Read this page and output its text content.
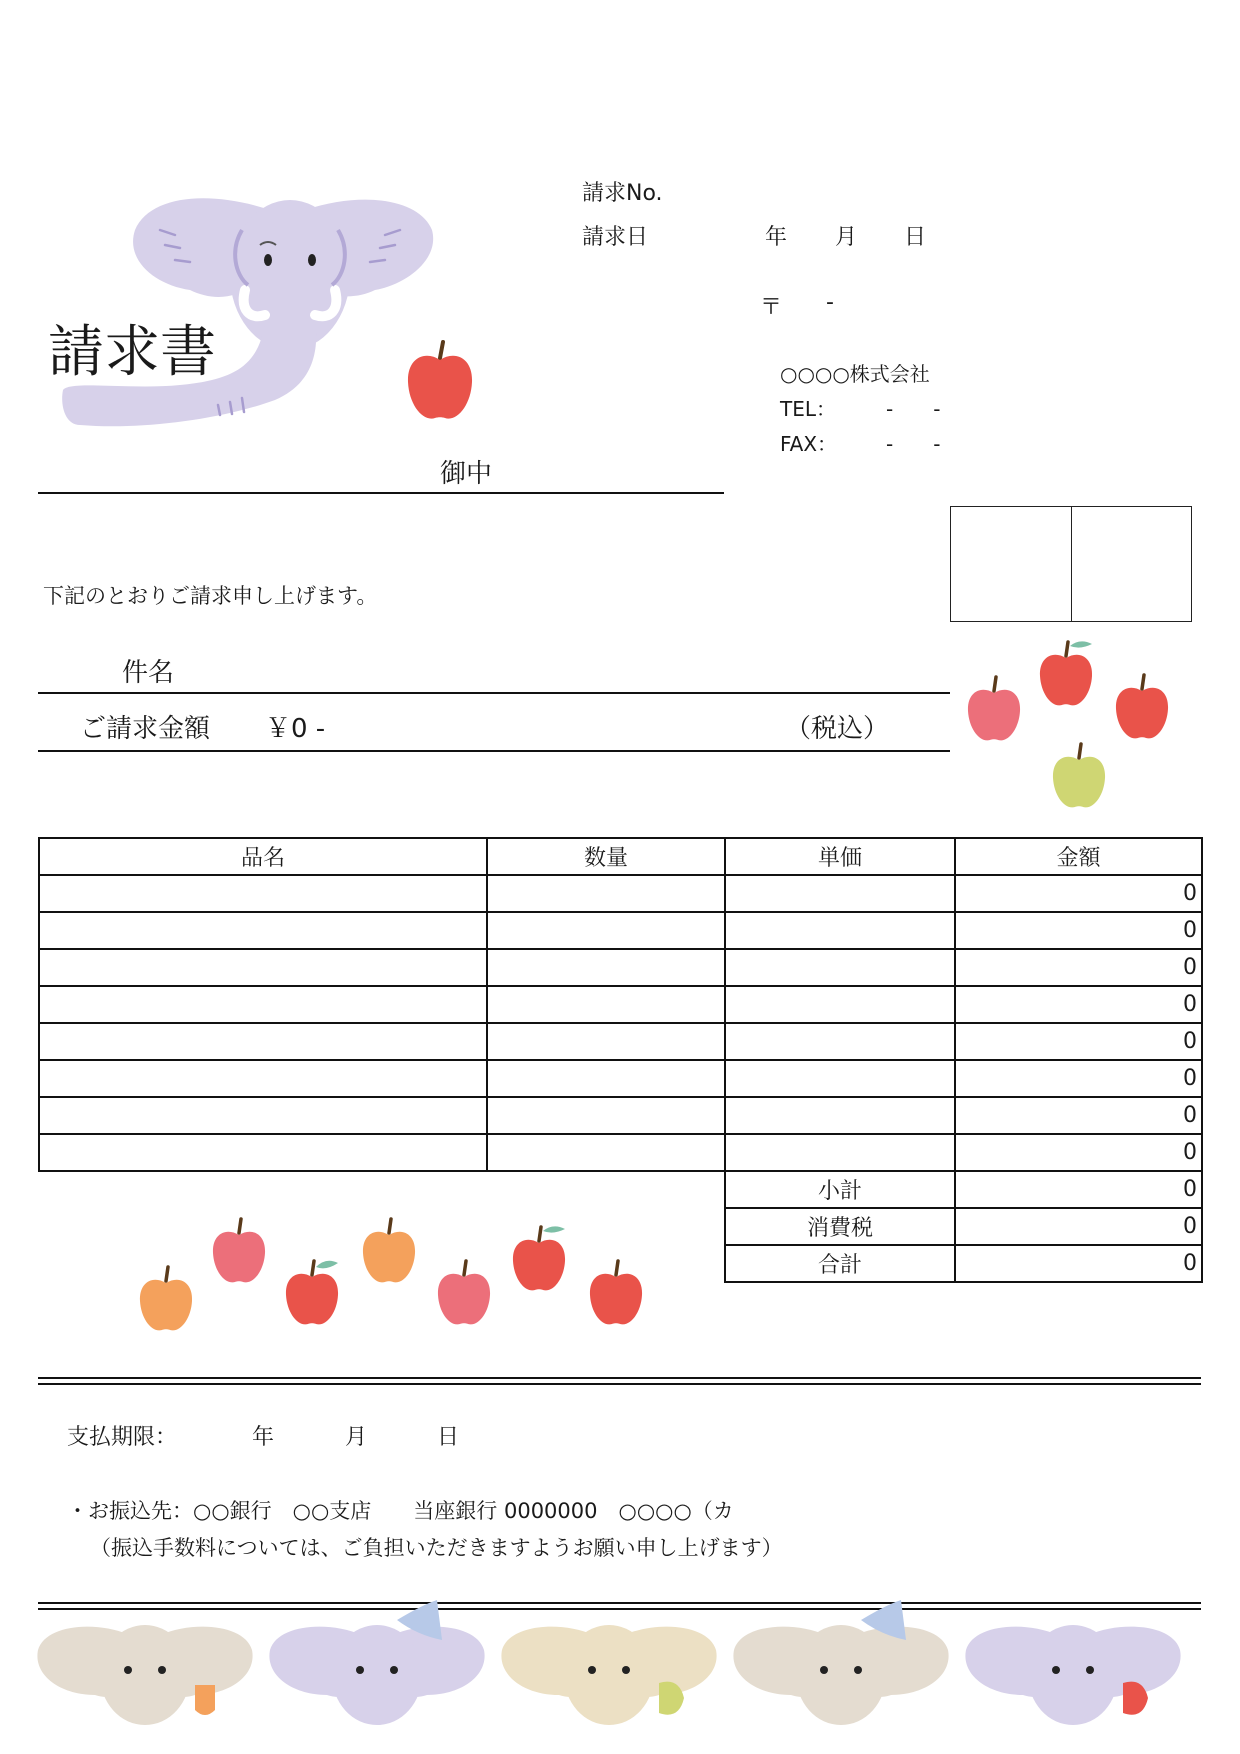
請求書
請求No.
請求日	年 月 日
〒 -
○○○○株式会社
TEL：	-　　-
FAX： -　　-
御中
下記のとおりご請求申し上げます。
件名
ご請求金額 ￥0 -	（税込）
品名	数量	単価	金額
			0
			0
			0
			0
			0
			0
			0
			0
		小計	0
		消費税	0
		合計	0
支払期限：	年	月	日
・お振込先：○○銀行　○○支店　　当座銀行 0000000　○○○○（カ
（振込手数料については、ご負担いただきますようお願い申し上げます）
